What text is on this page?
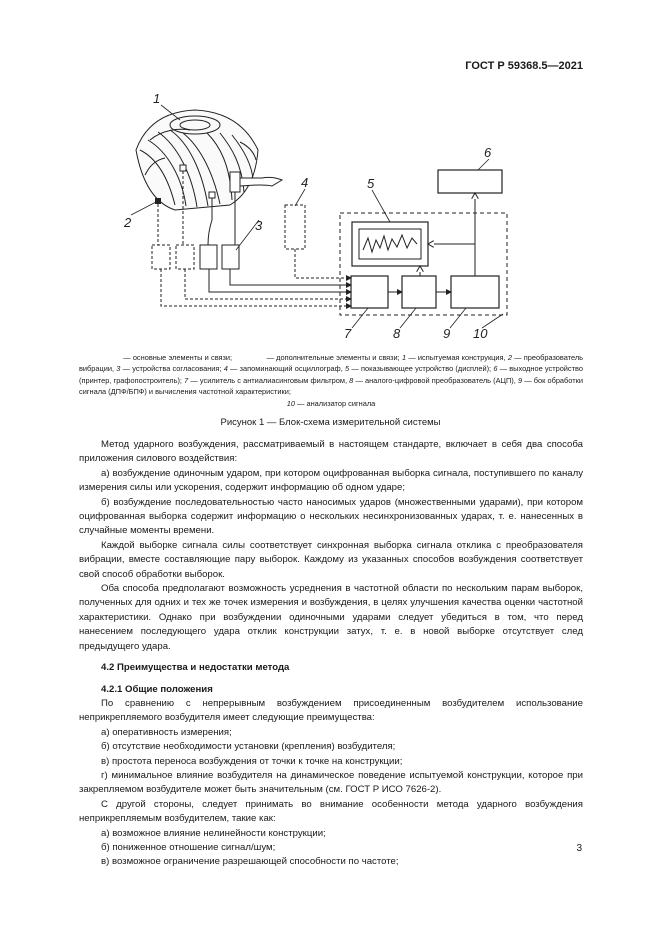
ГОСТ Р 59368.5—2021
1
2	3
4	5
6
7	8	9 10
— основные элементы и связи;	— дополнительные элементы и связи; 1 — испытуемая конструкция, 2 — преобразователь вибрации, 3 — устройства согласования; 4 — запоминающий осциллограф, 5 — показывающее устройство (дисплей); 6 — выходное устройство (принтер, графопостроитель); 7 — усилитель с антиалиасинговым фильтром, 8 — аналого-цифровой преобразователь (АЦП), 9 — бок обработки сигнала (ДПФ/БПФ) и вычисления частотной характеристики;
10 — анализатор сигнала
Рисунок 1 — Блок-схема измерительной системы

Метод ударного возбуждения, рассматриваемый в настоящем стандарте, включает в себя два способа приложения силового воздействия:

а) возбуждение одиночным ударом, при котором оцифрованная выборка сигнала, поступившего по каналу измерения силы или ускорения, содержит информацию об одном ударе;

б) возбуждение последовательностью часто наносимых ударов (множественными ударами), при котором оцифрованная выборка содержит информацию о нескольких несинхронизованных ударах, т. е. нанесенных в случайные моменты времени.

Каждой выборке сигнала силы соответствует синхронная выборка сигнала отклика с преобразователя вибрации, вместе составляющие пару выборок. Каждому из указанных способов возбуждения соответствует свой способ обработки выборок.

Оба способа предполагают возможность усреднения в частотной области по нескольким парам выборок, полученных для одних и тех же точек измерения и возбуждения, в целях улучшения качества оценки частотной характеристики. Однако при возбуждении одиночными ударами следует убедиться в том, что перед нанесением последующего удара отклик конструкции затух, т. е. в новой выборке отсутствует след предыдущего удара.

4.2 Преимущества и недостатки метода

4.2.1 Общие положения

По сравнению с непрерывным возбуждением присоединенным возбудителем использование неприкрепляемого возбудителя имеет следующие преимущества:

а) оперативность измерения;

б) отсутствие необходимости установки (крепления) возбудителя;

в) простота переноса возбуждения от точки к точке на конструкции;

г) минимальное влияние возбудителя на динамическое поведение испытуемой конструкции, которое при закрепляемом возбудителе может быть значительным (см. ГОСТ Р ИСО 7626-2).

С другой стороны, следует принимать во внимание особенности метода ударного возбуждения неприкрепляемым возбудителем, такие как:

а) возможное влияние нелинейности конструкции;

б) пониженное отношение сигнал/шум;

в) возможное ограничение разрешающей способности по частоте;

3
